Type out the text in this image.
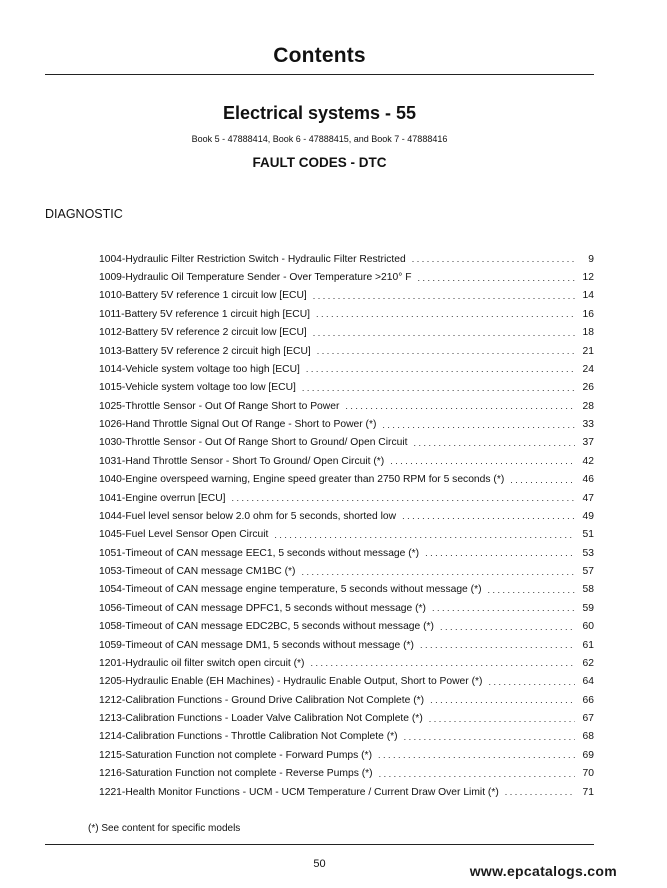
Contents
Electrical systems - 55
Book 5 - 47888414, Book 6 - 47888415, and Book 7 - 47888416
FAULT CODES - DTC
DIAGNOSTIC
1004-Hydraulic Filter Restriction Switch - Hydraulic Filter Restricted . . .	9
1009-Hydraulic Oil Temperature Sender - Over Temperature >210° F . . .	12
1010-Battery 5V reference 1 circuit low [ECU] . . .	14
1011-Battery 5V reference 1 circuit high [ECU] . . .	16
1012-Battery 5V reference 2 circuit low [ECU] . . .	18
1013-Battery 5V reference 2 circuit high [ECU] . . .	21
1014-Vehicle system voltage too high [ECU] . . .	24
1015-Vehicle system voltage too low [ECU] . . .	26
1025-Throttle Sensor - Out Of Range Short to Power . . .	28
1026-Hand Throttle Signal Out Of Range - Short to Power (*) . . .	33
1030-Throttle Sensor - Out Of Range Short to Ground/ Open Circuit . . .	37
1031-Hand Throttle Sensor - Short To Ground/ Open Circuit (*) . . .	42
1040-Engine overspeed warning, Engine speed greater than 2750 RPM for 5 seconds (*) . . .	46
1041-Engine overrun [ECU] . . .	47
1044-Fuel level sensor below 2.0 ohm for 5 seconds, shorted low . . .	49
1045-Fuel Level Sensor Open Circuit . . .	51
1051-Timeout of CAN message EEC1, 5 seconds without message (*) . . .	53
1053-Timeout of CAN message CM1BC (*) . . .	57
1054-Timeout of CAN message engine temperature, 5 seconds without message (*) . . .	58
1056-Timeout of CAN message DPFC1, 5 seconds without message (*) . . .	59
1058-Timeout of CAN message EDC2BC, 5 seconds without message (*) . . .	60
1059-Timeout of CAN message DM1, 5 seconds without message (*) . . .	61
1201-Hydraulic oil filter switch open circuit (*) . . .	62
1205-Hydraulic Enable (EH Machines) - Hydraulic Enable Output, Short to Power (*) . . .	64
1212-Calibration Functions - Ground Drive Calibration Not Complete (*) . . .	66
1213-Calibration Functions - Loader Valve Calibration Not Complete (*) . . .	67
1214-Calibration Functions - Throttle Calibration Not Complete (*) . . .	68
1215-Saturation Function not complete - Forward Pumps (*) . . .	69
1216-Saturation Function not complete - Reverse Pumps (*) . . .	70
1221-Health Monitor Functions - UCM - UCM Temperature / Current Draw Over Limit (*) . . .	71
(*) See content for specific models
50	www.epcatalogs.com
